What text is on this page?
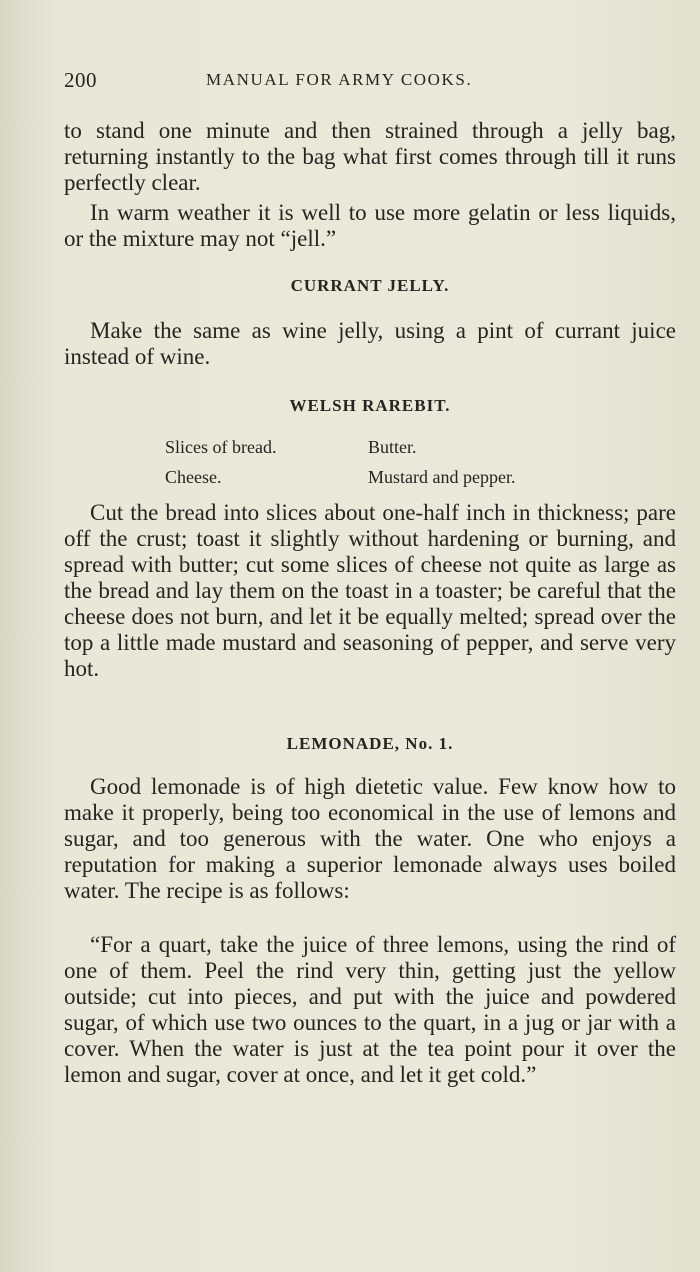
200	MANUAL FOR ARMY COOKS.

to stand one minute and then strained through a jelly bag, returning instantly to the bag what first comes through till it runs perfectly clear.

In warm weather it is well to use more gelatin or less liquids, or the mixture may not “jell.”

CURRANT JELLY.

Make the same as wine jelly, using a pint of currant juice instead of wine.

WELSH RAREBIT.
Slices of bread.	Butter.
Cheese.	Mustard and pepper.

Cut the bread into slices about one-half inch in thickness; pare off the crust; toast it slightly without hardening or burning, and spread with butter; cut some slices of cheese not quite as large as the bread and lay them on the toast in a toaster; be careful that the cheese does not burn, and let it be equally melted; spread over the top a little made mustard and seasoning of pepper, and serve very hot.

LEMONADE, No. 1.

Good lemonade is of high dietetic value. Few know how to make it properly, being too economical in the use of lemons and sugar, and too generous with the water. One who enjoys a reputation for making a superior lemonade always uses boiled water. The recipe is as follows:

“For a quart, take the juice of three lemons, using the rind of one of them. Peel the rind very thin, getting just the yellow outside; cut into pieces, and put with the juice and powdered sugar, of which use two ounces to the quart, in a jug or jar with a cover. When the water is just at the tea point pour it over the lemon and sugar, cover at once, and let it get cold.”
